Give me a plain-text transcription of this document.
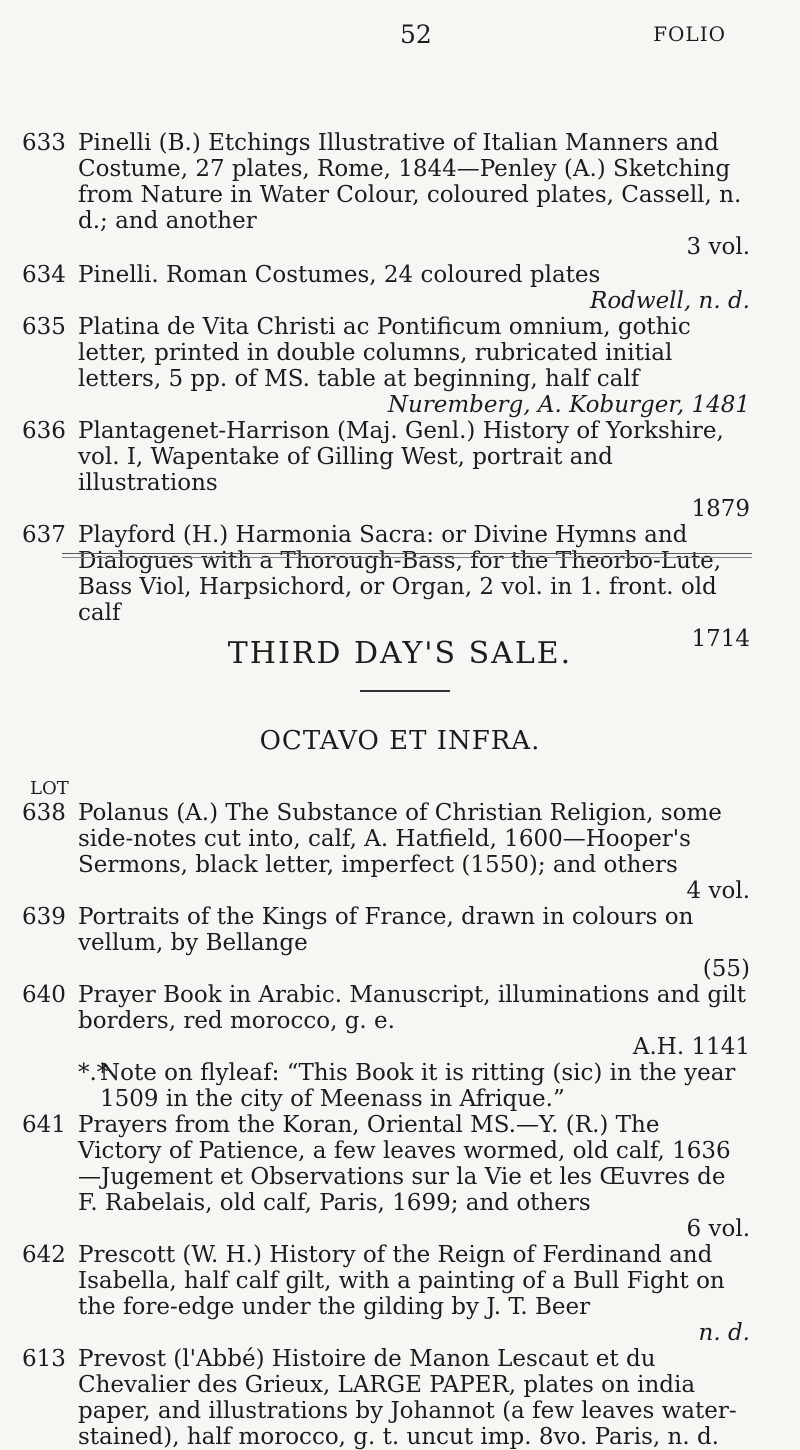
52	FOLIO
633 Pinelli (B.) Etchings Illustrative of Italian Manners and Costume, 27 plates, Rome, 1844—Penley (A.) Sketching from Nature in Water Colour, coloured plates, Cassell, n. d.; and another
3 vol.

634 Pinelli. Roman Costumes, 24 coloured plates
Rodwell, n. d.

635 Platina de Vita Christi ac Pontificum omnium, gothic letter, printed in double columns, rubricated initial letters, 5 pp. of MS. table at beginning, half calf
Nuremberg, A. Koburger, 1481

636 Plantagenet-Harrison (Maj. Genl.) History of Yorkshire, vol. I, Wapentake of Gilling West, portrait and illustrations
1879

637 Playford (H.) Harmonia Sacra: or Divine Hymns and Dialogues with a Thorough-Bass, for the Theorbo-Lute, Bass Viol, Harpsichord, or Organ, 2 vol. in 1. front. old calf
1714

THIRD DAY'S SALE.
OCTAVO ET INFRA.
LOT
638 Polanus (A.) The Substance of Christian Religion, some side-notes cut into, calf, A. Hatfield, 1600—Hooper's Sermons, black letter, imperfect (1550); and others
4 vol.

639 Portraits of the Kings of France, drawn in colours on vellum, by Bellange
(55)

640 Prayer Book in Arabic. Manuscript, illuminations and gilt borders, red morocco, g. e.
A.H. 1141

*.*
Note on flyleaf: “This Book it is ritting (sic) in the year 1509 in the city of Meenass in Afrique.”
641 Prayers from the Koran, Oriental MS.—Y. (R.) The Victory of Patience, a few leaves wormed, old calf, 1636—Jugement et Observations sur la Vie et les Œuvres de F. Rabelais, old calf, Paris, 1699; and others
6 vol.

642 Prescott (W. H.) History of the Reign of Ferdinand and Isabella, half calf gilt, with a painting of a Bull Fight on the fore-edge under the gilding by J. T. Beer
n. d.

613 Prevost (l'Abbé) Histoire de Manon Lescaut et du Chevalier des Grieux, LARGE PAPER, plates on india paper, and illustrations by Johannot (a few leaves water-stained), half morocco, g. t. uncut imp. 8vo. Paris, n. d.
